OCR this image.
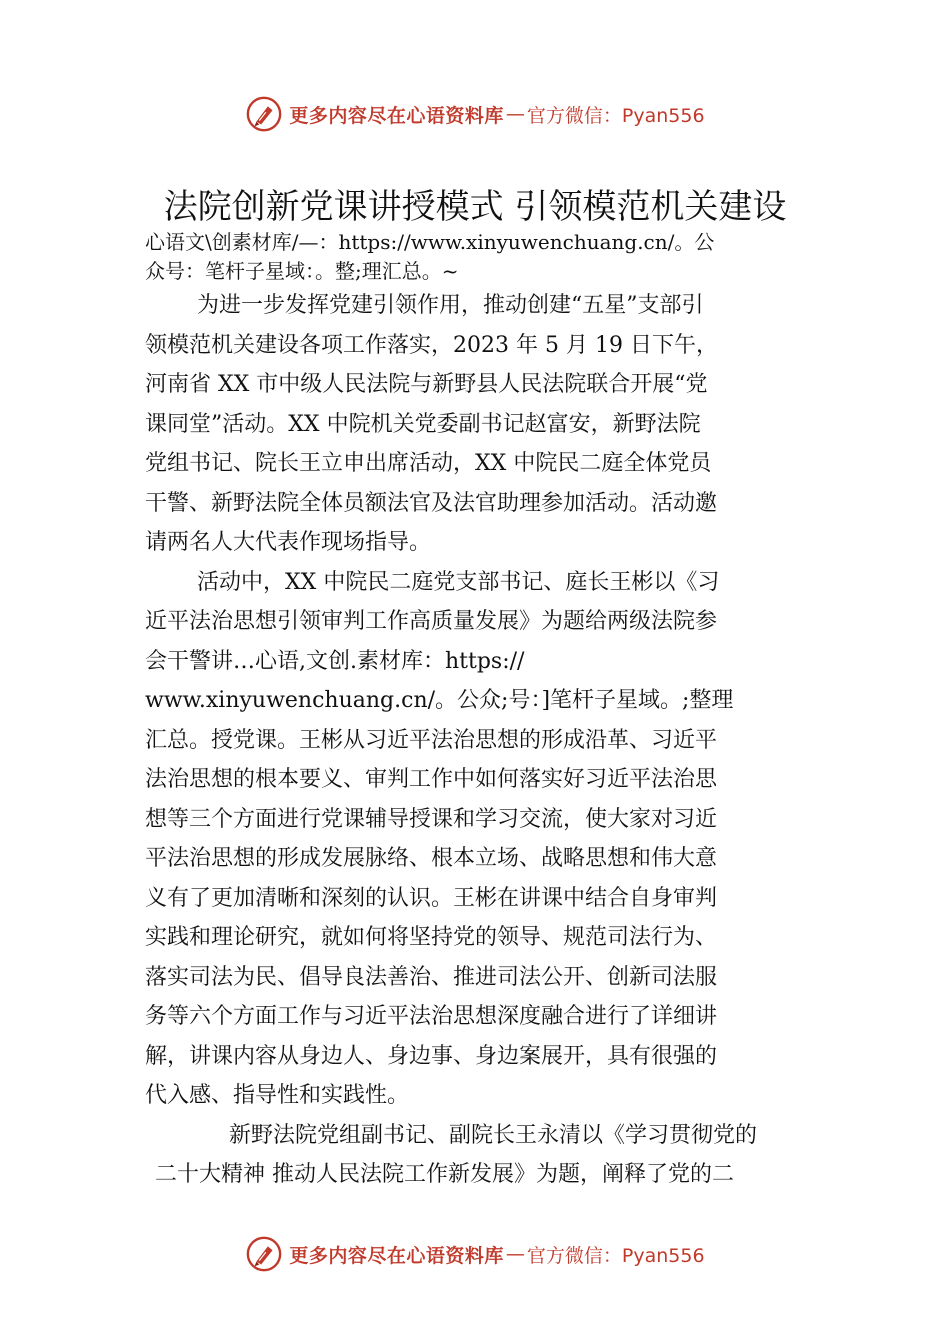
更多内容尽在心语资料库 — 官方微信：Pyan556
法院创新党课讲授模式 引领模范机关建设
心语文\创素材库/—：https://www.xinyuwenchuang.cn/。公
众号：笔杆子星域：。整;理汇总。~
为进一步发挥党建引领作用，推动创建“五星”支部引
领模范机关建设各项工作落实，2023 年 5 月 19 日下午，
河南省 XX 市中级人民法院与新野县人民法院联合开展“党
课同堂”活动。XX 中院机关党委副书记赵富安，新野法院
党组书记、院长王立申出席活动，XX 中院民二庭全体党员
干警、新野法院全体员额法官及法官助理参加活动。活动邀
请两名人大代表作现场指导。
活动中，XX 中院民二庭党支部书记、庭长王彬以《习
近平法治思想引领审判工作高质量发展》为题给两级法院参
会干警讲…心语,文创.素材库：https://
www.xinyuwenchuang.cn/。公众;号：]笔杆子星域。;整理
汇总。授党课。王彬从习近平法治思想的形成沿革、习近平
法治思想的根本要义、审判工作中如何落实好习近平法治思
想等三个方面进行党课辅导授课和学习交流，使大家对习近
平法治思想的形成发展脉络、根本立场、战略思想和伟大意
义有了更加清晰和深刻的认识。王彬在讲课中结合自身审判
实践和理论研究，就如何将坚持党的领导、规范司法行为、
落实司法为民、倡导良法善治、推进司法公开、创新司法服
务等六个方面工作与习近平法治思想深度融合进行了详细讲
解，讲课内容从身边人、身边事、身边案展开，具有很强的
代入感、指导性和实践性。
新野法院党组副书记、副院长王永清以《学习贯彻党的
二十大精神 推动人民法院工作新发展》为题，阐释了党的二
更多内容尽在心语资料库 — 官方微信：Pyan556
